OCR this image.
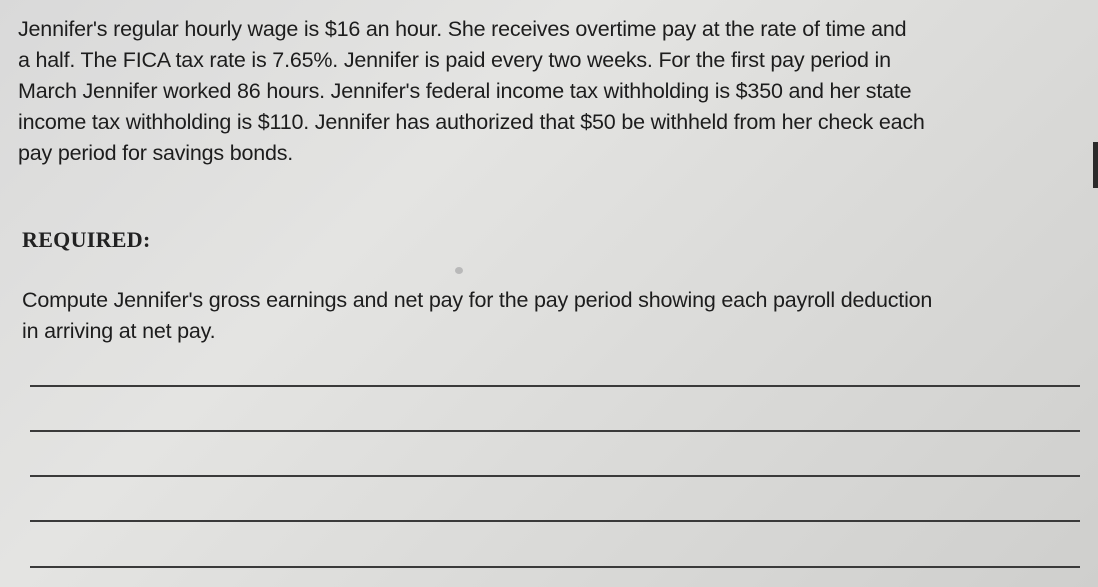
Jennifer's regular hourly wage is $16 an hour. She receives overtime pay at the rate of time and
a half. The FICA tax rate is 7.65%. Jennifer is paid every two weeks. For the first pay period in
March Jennifer worked 86 hours. Jennifer's federal income tax withholding is $350 and her state
income tax withholding is $110. Jennifer has authorized that $50 be withheld from her check each
pay period for savings bonds.

REQUIRED:

Compute Jennifer's gross earnings and net pay for the pay period showing each payroll deduction
in arriving at net pay.
